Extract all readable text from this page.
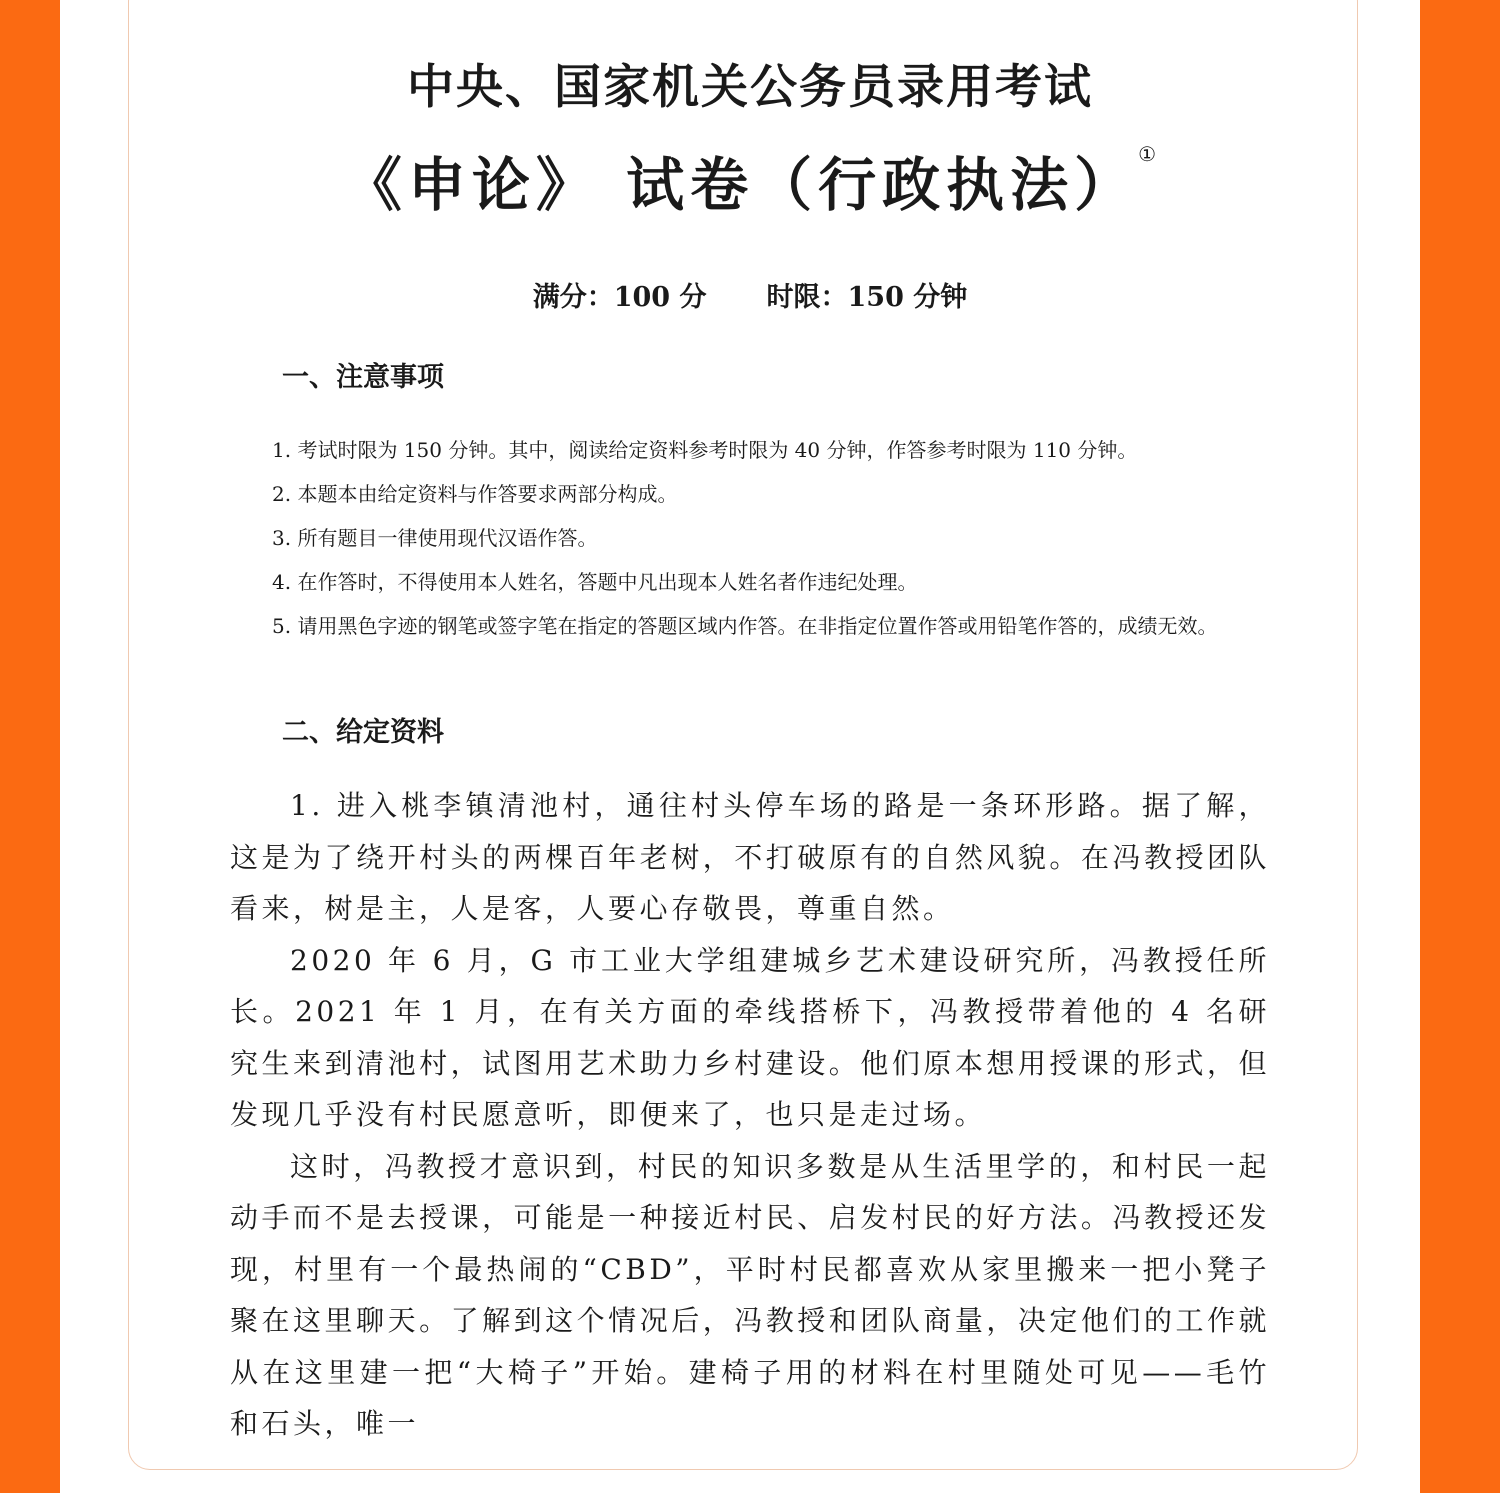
中央、国家机关公务员录用考试
《申论》 试卷（行政执法）①
满分：100 分 时限：150 分钟
一、注意事项

1. 考试时限为 150 分钟。其中，阅读给定资料参考时限为 40 分钟，作答参考时限为 110 分钟。

2. 本题本由给定资料与作答要求两部分构成。

3. 所有题目一律使用现代汉语作答。

4. 在作答时，不得使用本人姓名，答题中凡出现本人姓名者作违纪处理。

5. 请用黑色字迹的钢笔或签字笔在指定的答题区域内作答。在非指定位置作答或用铅笔作答的，成绩无效。

二、给定资料

1. 进入桃李镇清池村，通往村头停车场的路是一条环形路。据了解，这是为了绕开村头的两棵百年老树，不打破原有的自然风貌。在冯教授团队看来，树是主，人是客，人要心存敬畏，尊重自然。

2020 年 6 月，G 市工业大学组建城乡艺术建设研究所，冯教授任所长。2021 年 1 月，在有关方面的牵线搭桥下，冯教授带着他的 4 名研究生来到清池村，试图用艺术助力乡村建设。他们原本想用授课的形式，但发现几乎没有村民愿意听，即便来了，也只是走过场。

这时，冯教授才意识到，村民的知识多数是从生活里学的，和村民一起动手而不是去授课，可能是一种接近村民、启发村民的好方法。冯教授还发现，村里有一个最热闹的“CBD”，平时村民都喜欢从家里搬来一把小凳子聚在这里聊天。了解到这个情况后，冯教授和团队商量，决定他们的工作就从在这里建一把“大椅子”开始。建椅子用的材料在村里随处可见——毛竹和石头，唯一
